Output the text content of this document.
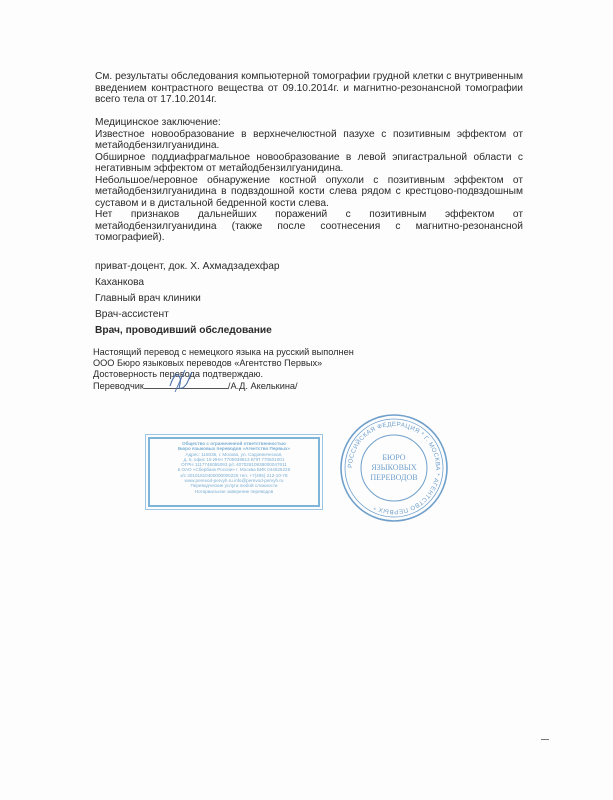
См. результаты обследования компьютерной томографии грудной клетки с внутривенным введением контрастного вещества от 09.10.2014г. и магнитно-резонансной томографии всего тела от 17.10.2014г.

Медицинское заключение:

Известное новообразование в верхнечелюстной пазухе с позитивным эффектом от метайодбензилгуанидина.

Обширное поддиафрагмальное новообразование в левой эпигастральной области с негативным эффектом от метайодбензилгуанидина.

Небольшое/неровное обнаружение костной опухоли с позитивным эффектом от метайодбензилгуанидина в подвздошной кости слева рядом с крестцово-подвздошным суставом и в дистальной бедренной кости слева.

Нет признаков дальнейших поражений с позитивным эффектом от метайодбензилгуанидина (также после соотнесения с магнитно-резонансной томографией).

приват-доцент, док. Х. Ахмадзадехфар
Каханкова
Главный врач клиники
Врач-ассистент
Врач, проводивший обследование
Настоящий перевод с немецкого языка на русский выполнен
ООО Бюро языковых переводов «Агентство Первых»
Достоверность перевода подтверждаю.
Переводчик	/А.Д. Акелькина/
Общество с ограниченной ответственностью
Бюро языковых переводов «Агентство Первых»
Адрес: 115035, г. Москва, ул. Садовническая,
д. 5, офис 15 ИНН 7705939813 КПП 770501001
ОГРН 1117746055093 р/с 40702810938000047611
в ОАО «Сбербанк России» г. Москва БИК 044525225
к/с 30101810400000000225 тел. +7(495) 212-10-78
www.perevod-pervyh.ru info@perevod-pervyh.ru
Переводческие услуги любой сложности
Нотариальное заверение переводов
РОССИЙСКАЯ ФЕДЕРАЦИЯ * Г. МОСКВА * АГЕНТСТВО ПЕРВЫХ *
БЮРО
ЯЗЫКОВЫХ
ПЕРЕВОДОВ
